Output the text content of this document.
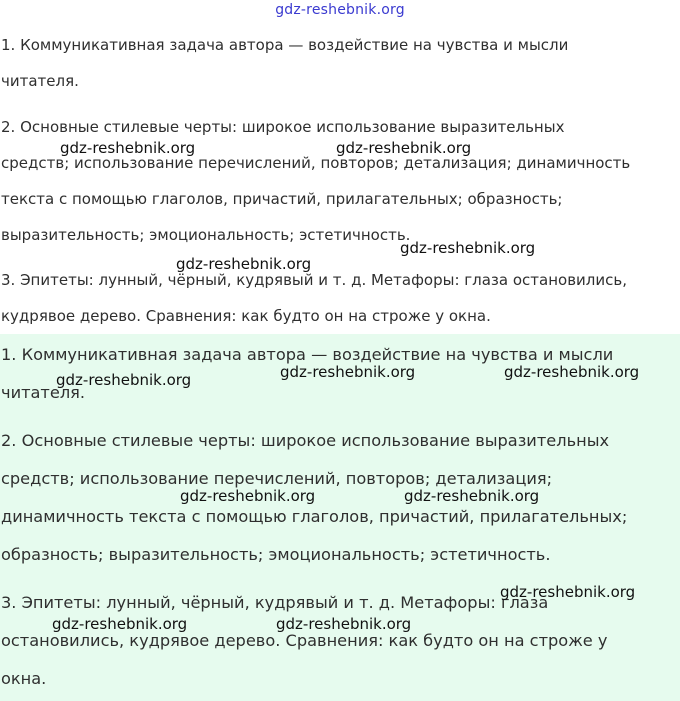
1. Коммуникативная задача автора — воздействие на чувства и мысли
читателя.

2. Основные стилевые черты: широкое использование выразительных
средств; использование перечислений, повторов; детализация; динамичность
текста с помощью глаголов, причастий, прилагательных; образность;
выразительность; эмоциональность; эстетичность.

3. Эпитеты: лунный, чёрный, кудрявый и т. д. Метафоры: глаза остановились,
кудрявое дерево. Сравнения: как будто он на строже у окна.

1. Коммуникативная задача автора — воздействие на чувства и мысли
читателя.

2. Основные стилевые черты: широкое использование выразительных
средств; использование перечислений, повторов; детализация;
динамичность текста с помощью глаголов, причастий, прилагательных;
образность; выразительность; эмоциональность; эстетичность.

3. Эпитеты: лунный, чёрный, кудрявый и т. д. Метафоры: глаза
остановились, кудрявое дерево. Сравнения: как будто он на строже у
окна.

gdz-reshebnik.org
gdz-reshebnik.org	gdz-reshebnik.org
gdz-reshebnik.org
gdz-reshebnik.org
gdz-reshebnik.org	gdz-reshebnik.org	gdz-reshebnik.org
gdz-reshebnik.org	gdz-reshebnik.org
gdz-reshebnik.org
gdz-reshebnik.org	gdz-reshebnik.org
